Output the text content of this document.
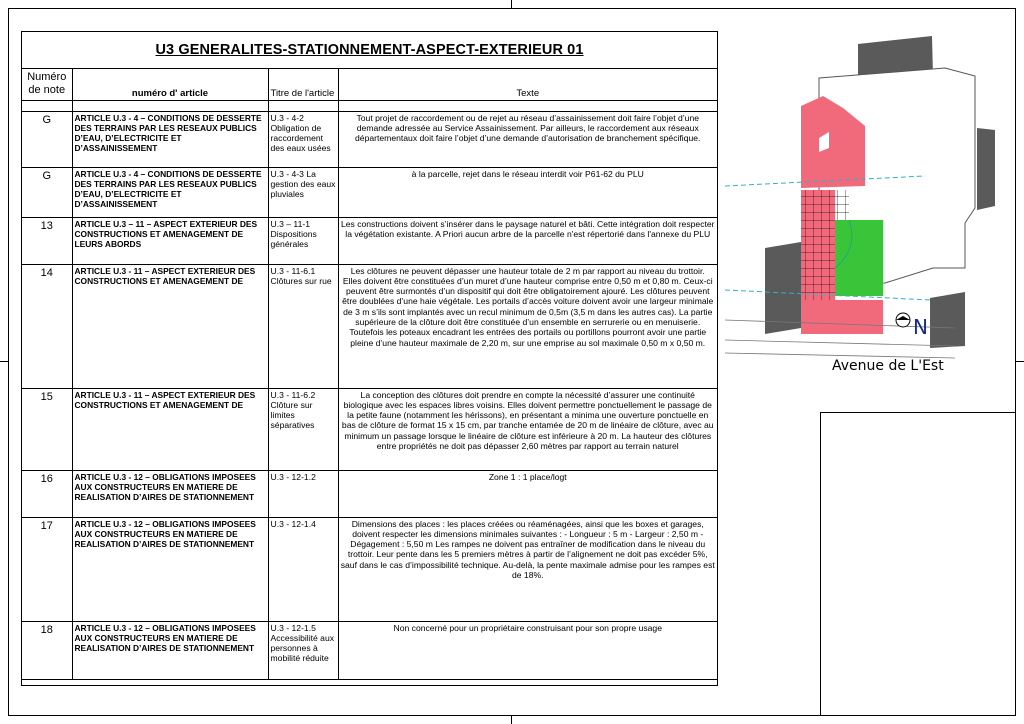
U3 GENERALITES-STATIONNEMENT-ASPECT-EXTERIEUR 01
Numéro de note	numéro d' article	Titre de l'article	Texte

G	ARTICLE U.3 - 4 – CONDITIONS DE DESSERTE DES TERRAINS PAR LES RESEAUX PUBLICS D’EAU, D’ELECTRICITE ET D’ASSAINISSEMENT	U.3 - 4-2 Obligation de raccordement des eaux usées	Tout projet de raccordement ou de rejet au réseau d’assainissement doit faire l’objet d’une demande adressée au Service Assainissement. Par ailleurs, le raccordement aux réseaux départementaux doit faire l’objet d’une demande d’autorisation de branchement spécifique.
G	ARTICLE U.3 - 4 – CONDITIONS DE DESSERTE DES TERRAINS PAR LES RESEAUX PUBLICS D’EAU, D’ELECTRICITE ET D’ASSAINISSEMENT	U.3 - 4-3 La gestion des eaux pluviales	à la parcelle, rejet dans le réseau interdit voir P61-62 du PLU
13	ARTICLE U.3 – 11 – ASPECT EXTERIEUR DES CONSTRUCTIONS ET AMENAGEMENT DE LEURS ABORDS	U.3 – 11-1 Dispositions générales	Les constructions doivent s’insérer dans le paysage naturel et bâti. Cette intégration doit respecter la végétation existante. A Priori aucun arbre de la parcelle n'est répertorié dans l'annexe du PLU
14	ARTICLE U.3 - 11 – ASPECT EXTERIEUR DES CONSTRUCTIONS ET AMENAGEMENT DE	U.3 - 11-6.1 Clôtures sur rue	Les clôtures ne peuvent dépasser une hauteur totale de 2 m par rapport au niveau du trottoir. Elles doivent être constituées d’un muret d’une hauteur comprise entre 0,50 m et 0,80 m. Ceux-ci peuvent être surmontés d’un dispositif qui doit être obligatoirement ajouré. Les clôtures peuvent être doublées d’une haie végétale. Les portails d’accès voiture doivent avoir une largeur minimale de 3 m s’ils sont implantés avec un recul minimum de 0,5m (3,5 m dans les autres cas). La partie supérieure de la clôture doit être constituée d’un ensemble en serrurerie ou en menuiserie. Toutefois les poteaux encadrant les entrées des portails ou portillons pourront avoir une partie pleine d’une hauteur maximale de 2,20 m, sur une emprise au sol maximale 0,50 m x 0,50 m.
15	ARTICLE U.3 - 11 – ASPECT EXTERIEUR DES CONSTRUCTIONS ET AMENAGEMENT DE	U.3 - 11-6.2 Clôture sur limites séparatives	La conception des clôtures doit prendre en compte la nécessité d’assurer une continuité biologique avec les espaces libres voisins. Elles doivent permettre ponctuellement le passage de la petite faune (notamment les hérissons), en présentant a minima une ouverture ponctuelle en bas de clôture de format 15 x 15 cm, par tranche entamée de 20 m de linéaire de clôture, avec au minimum un passage lorsque le linéaire de clôture est inférieure à 20 m. La hauteur des clôtures entre propriétés ne doit pas dépasser 2,60 mètres par rapport au terrain naturel
16	ARTICLE U.3 - 12 – OBLIGATIONS IMPOSEES AUX CONSTRUCTEURS EN MATIERE DE REALISATION D’AIRES DE STATIONNEMENT	U.3 - 12-1.2	Zone 1 : 1 place/logt
17	ARTICLE U.3 - 12 – OBLIGATIONS IMPOSEES AUX CONSTRUCTEURS EN MATIERE DE REALISATION D’AIRES DE STATIONNEMENT	U.3 - 12-1.4	Dimensions des places : les places créées ou réaménagées, ainsi que les boxes et garages, doivent respecter les dimensions minimales suivantes : - Longueur : 5 m - Largeur : 2,50 m - Dégagement : 5,50 m Les rampes ne doivent pas entraîner de modification dans le niveau du trottoir. Leur pente dans les 5 premiers mètres à partir de l’alignement ne doit pas excéder 5%, sauf dans le cas d’impossibilité technique. Au-delà, la pente maximale admise pour les rampes est de 18%.
18	ARTICLE U.3 - 12 – OBLIGATIONS IMPOSEES AUX CONSTRUCTEURS EN MATIERE DE REALISATION D’AIRES DE STATIONNEMENT	U.3 - 12-1.5 Accessibilité aux personnes à mobilité réduite	Non concerné pour un propriétaire construisant pour son propre usage
N
Avenue de L'Est
